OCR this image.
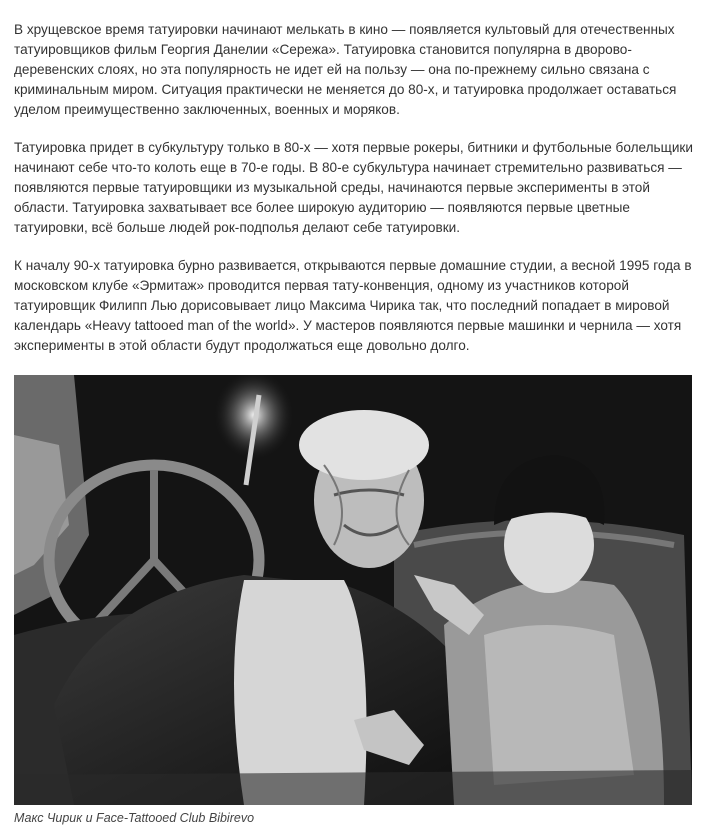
В хрущевское время татуировки начинают мелькать в кино — появляется культовый для отечественных татуировщиков фильм Георгия Данелии «Сережа». Татуировка становится популярна в дворово-деревенских слоях, но эта популярность не идет ей на пользу — она по-прежнему сильно связана с криминальным миром. Ситуация практически не меняется до 80-х, и татуировка продолжает оставаться уделом преимущественно заключенных, военных и моряков.

Татуировка придет в субкультуру только в 80-х — хотя первые рокеры, битники и футбольные болельщики начинают себе что-то колоть еще в 70-е годы. В 80-е субкультура начинает стремительно развиваться — появляются первые татуировщики из музыкальной среды, начинаются первые эксперименты в этой области. Татуировка захватывает все более широкую аудиторию — появляются первые цветные татуировки, всё больше людей рок-подполья делают себе татуировки.

К началу 90-х татуировка бурно развивается, открываются первые домашние студии, а весной 1995 года в московском клубе «Эрмитаж» проводится первая тату-конвенция, одному из участников которой татуировщик Филипп Лью дорисовывает лицо Максима Чирика так, что последний попадает в мировой календарь «Heavy tattooed man of the world». У мастеров появляются первые машинки и чернила — хотя эксперименты в этой области будут продолжаться еще довольно долго.

Макс Чирик и Face-Tattooed Club Bibirevo
